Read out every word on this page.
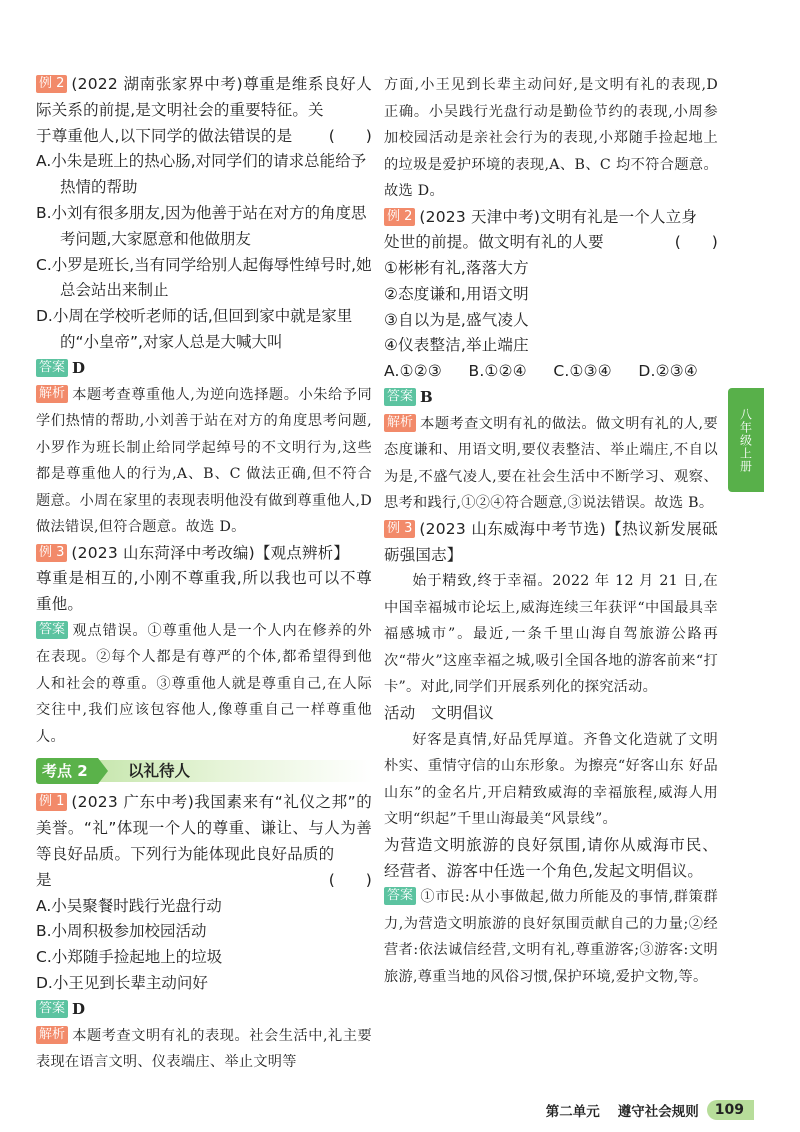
例 2 (2022 湖南张家界中考)尊重是维系良好人际关系的前提,是文明社会的重要特征。关

于尊重他人,以下同学的做法错误的是 (      )

A.小朱是班上的热心肠,对同学们的请求总能给予热情的帮助

B.小刘有很多朋友,因为他善于站在对方的角度思考问题,大家愿意和他做朋友

C.小罗是班长,当有同学给别人起侮辱性绰号时,她总会站出来制止

D.小周在学校听老师的话,但回到家中就是家里的“小皇帝”,对家人总是大喊大叫

答案 D

解析 本题考查尊重他人,为逆向选择题。小朱给予同学们热情的帮助,小刘善于站在对方的角度思考问题,小罗作为班长制止给同学起绰号的不文明行为,这些都是尊重他人的行为,A、B、C 做法正确,但不符合题意。小周在家里的表现表明他没有做到尊重他人,D 做法错误,但符合题意。故选 D。

例 3 (2023 山东菏泽中考改编)【观点辨析】

尊重是相互的,小刚不尊重我,所以我也可以不尊重他。

答案 观点错误。①尊重他人是一个人内在修养的外在表现。②每个人都是有尊严的个体,都希望得到他人和社会的尊重。③尊重他人就是尊重自己,在人际交往中,我们应该包容他人,像尊重自己一样尊重他人。

考点 2	以礼待人

例 1 (2023 广东中考)我国素来有“礼仪之邦”的美誉。“礼”体现一个人的尊重、谦让、与人为善等良好品质。下列行为能体现此良好品质的

是	(      )

A.小吴聚餐时践行光盘行动

B.小周积极参加校园活动

C.小郑随手捡起地上的垃圾

D.小王见到长辈主动问好

答案 D

解析 本题考查文明有礼的表现。社会生活中,礼主要表现在语言文明、仪表端庄、举止文明等

方面,小王见到长辈主动问好,是文明有礼的表现,D 正确。小吴践行光盘行动是勤俭节约的表现,小周参加校园活动是亲社会行为的表现,小郑随手捡起地上的垃圾是爱护环境的表现,A、B、C 均不符合题意。故选 D。

例 2 (2023 天津中考)文明有礼是一个人立身

处世的前提。做文明有礼的人要	(      )

①彬彬有礼,落落大方

②态度谦和,用语文明

③自以为是,盛气凌人

④仪表整洁,举止端庄

A.①②③ B.①②④ C.①③④ D.②③④

答案 B

解析 本题考查文明有礼的做法。做文明有礼的人,要态度谦和、用语文明,要仪表整洁、举止端庄,不自以为是,不盛气凌人,要在社会生活中不断学习、观察、思考和践行,①②④符合题意,③说法错误。故选 B。

例 3 (2023 山东威海中考节选)【热议新发展砥砺强国志】

始于精致,终于幸福。2022 年 12 月 21 日,在中国幸福城市论坛上,威海连续三年获评“中国最具幸福感城市”。最近,一条千里山海自驾旅游公路再次“带火”这座幸福之城,吸引全国各地的游客前来“打卡”。对此,同学们开展系列化的探究活动。

活动　文明倡议

好客是真情,好品凭厚道。齐鲁文化造就了文明朴实、重情守信的山东形象。为擦亮“好客山东 好品山东”的金名片,开启精致威海的幸福旅程,威海人用文明“织起”千里山海最美“风景线”。

为营造文明旅游的良好氛围,请你从威海市民、经营者、游客中任选一个角色,发起文明倡议。

答案 ①市民:从小事做起,做力所能及的事情,群策群力,为营造文明旅游的良好氛围贡献自己的力量;②经营者:依法诚信经营,文明有礼,尊重游客;③游客:文明旅游,尊重当地的风俗习惯,保护环境,爱护文物,等。

八年级上册
第二单元 遵守社会规则	109
